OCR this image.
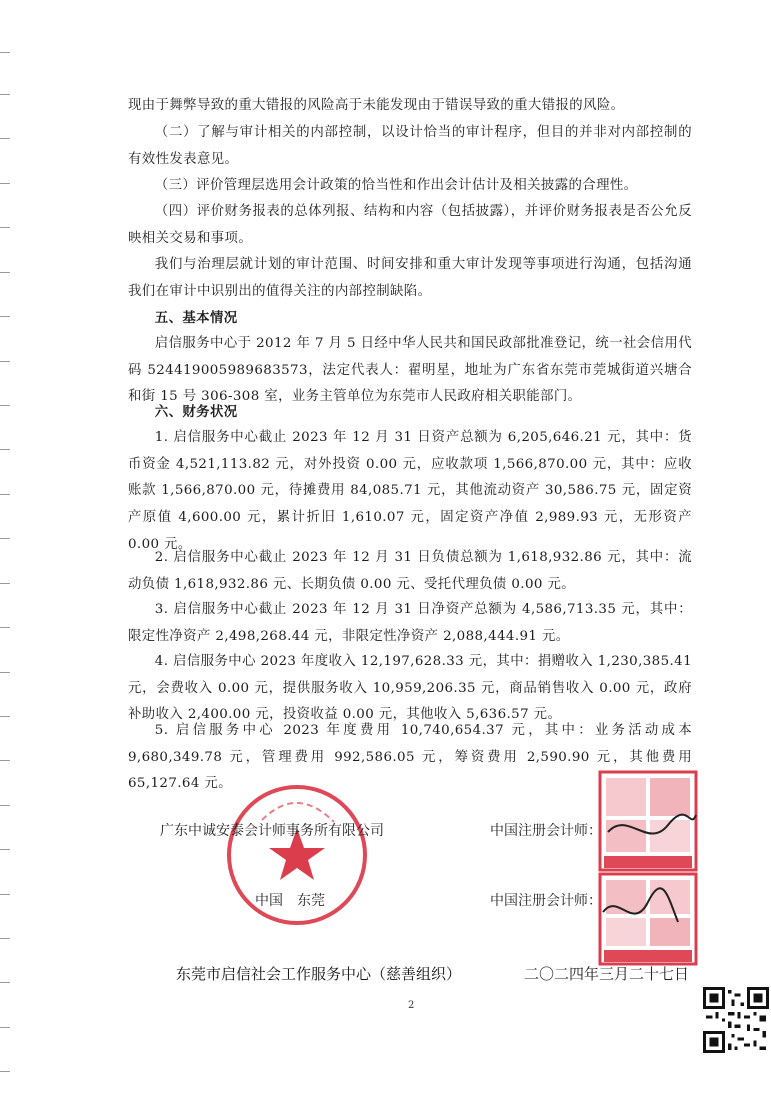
现由于舞弊导致的重大错报的风险高于未能发现由于错误导致的重大错报的风险。
（二）了解与审计相关的内部控制，以设计恰当的审计程序，但目的并非对内部控制的有效性发表意见。
（三）评价管理层选用会计政策的恰当性和作出会计估计及相关披露的合理性。
（四）评价财务报表的总体列报、结构和内容（包括披露），并评价财务报表是否公允反映相关交易和事项。
我们与治理层就计划的审计范围、时间安排和重大审计发现等事项进行沟通，包括沟通我们在审计中识别出的值得关注的内部控制缺陷。
五、基本情况
启信服务中心于 2012 年 7 月 5 日经中华人民共和国民政部批准登记，统一社会信用代码 524419005989683573，法定代表人：翟明星，地址为广东省东莞市莞城街道兴塘合和街 15 号 306-308 室，业务主管单位为东莞市人民政府相关职能部门。
六、财务状况
1. 启信服务中心截止 2023 年 12 月 31 日资产总额为 6,205,646.21 元，其中：货币资金 4,521,113.82 元，对外投资 0.00 元，应收款项 1,566,870.00 元，其中：应收账款 1,566,870.00 元，待摊费用 84,085.71 元，其他流动资产 30,586.75 元，固定资产原值 4,600.00 元，累计折旧 1,610.07 元，固定资产净值 2,989.93 元，无形资产 0.00 元。
2. 启信服务中心截止 2023 年 12 月 31 日负债总额为 1,618,932.86 元，其中：流动负债 1,618,932.86 元、长期负债 0.00 元、受托代理负债 0.00 元。
3. 启信服务中心截止 2023 年 12 月 31 日净资产总额为 4,586,713.35 元，其中：限定性净资产 2,498,268.44 元，非限定性净资产 2,088,444.91 元。
4. 启信服务中心 2023 年度收入 12,197,628.33 元，其中：捐赠收入 1,230,385.41 元，会费收入 0.00 元，提供服务收入 10,959,206.35 元，商品销售收入 0.00 元，政府补助收入 2,400.00 元，投资收益 0.00 元，其他收入 5,636.57 元。
5. 启信服务中心 2023 年度费用 10,740,654.37 元，其中：业务活动成本 9,680,349.78 元，管理费用 992,586.05 元，筹资费用 2,590.90 元，其他费用 65,127.64 元。
广东中诚安泰会计师事务所有限公司
中国　东莞
中国注册会计师：
中国注册会计师：
东莞市启信社会工作服务中心（慈善组织）	二〇二四年三月二十七日
2
